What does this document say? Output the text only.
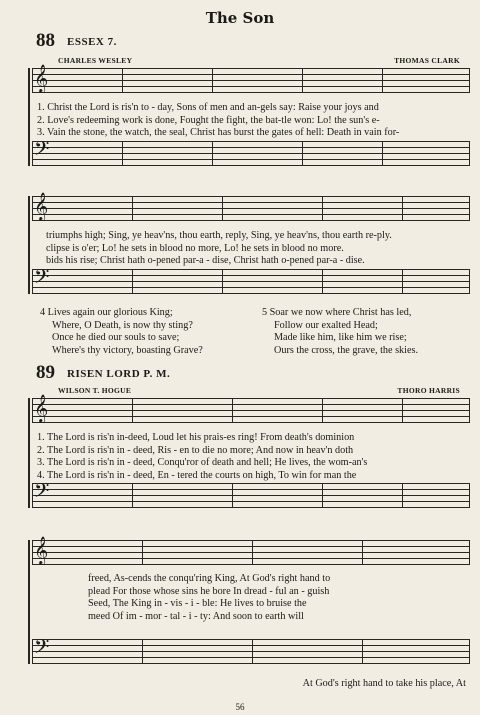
The Son
88 ESSEX 7.
CHARLES WESLEY	THOMAS CLARK
𝄞
1. Christ the Lord is ris'n to - day, Sons of men and an-gels say: Raise your joys and
2. Love's redeeming work is done, Fought the fight, the bat-tle won: Lo! the sun's e-
3. Vain the stone, the watch, the seal, Christ has burst the gates of hell: Death in vain for-
𝄢
𝄞
triumphs high; Sing, ye heav'ns, thou earth, reply, Sing, ye heav'ns, thou earth re-ply.
clipse is o'er; Lo! he sets in blood no more, Lo! he sets in blood no more.
bids his rise; Christ hath o-pened par-a - dise, Christ hath o-pened par-a - dise.
𝄢
4 Lives again our glorious King;
Where, O Death, is now thy sting?
Once he died our souls to save;
Where's thy victory, boasting Grave?
5 Soar we now where Christ has led,
Follow our exalted Head;
Made like him, like him we rise;
Ours the cross, the grave, the skies.
89 RISEN LORD P. M.
WILSON T. HOGUE	THORO HARRIS
𝄞
1. The Lord is ris'n in-deed, Loud let his prais-es ring! From death's dominion
2. The Lord is ris'n in - deed, Ris - en to die no more; And now in heav'n doth
3. The Lord is ris'n in - deed, Conqu'ror of death and hell; He lives, the wom-an's
4. The Lord is ris'n in - deed, En - tered the courts on high, To win for man the
𝄢
𝄞
freed, As-cends the conqu'ring King, At God's right hand to
plead For those whose sins he bore In dread - ful an - guish
Seed, The King in - vis - i - ble: He lives to bruise the
meed Of im - mor - tal - i - ty: And soon to earth will
𝄢
At God's right hand to take his place, At
56
